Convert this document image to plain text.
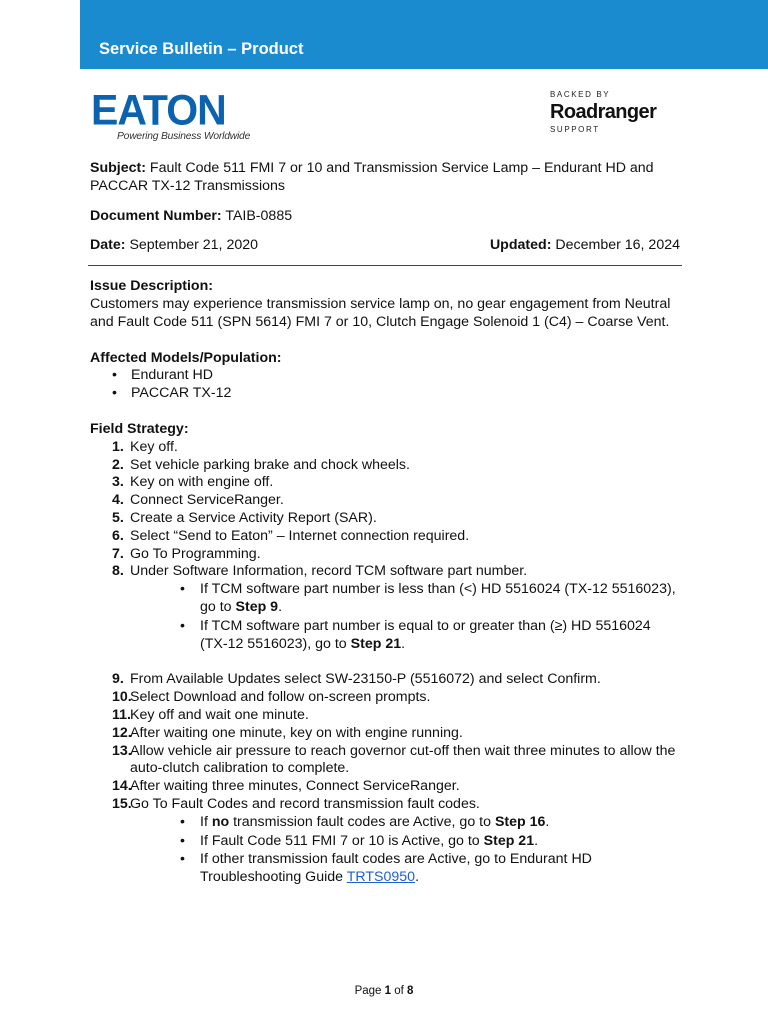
Service Bulletin – Product
EATON
Powering Business Worldwide
BACKED BY
Roadranger
SUPPORT

Subject: Fault Code 511 FMI 7 or 10 and Transmission Service Lamp – Endurant HD and PACCAR TX-12 Transmissions

Document Number: TAIB-0885

Date: September 21, 2020	Updated: December 16, 2024

Issue Description:

Customers may experience transmission service lamp on, no gear engagement from Neutral and Fault Code 511 (SPN 5614) FMI 7 or 10, Clutch Engage Solenoid 1 (C4) – Coarse Vent.

Affected Models/Population:

• Endurant HD
• PACCAR TX-12

Field Strategy:

1. Key off.
2. Set vehicle parking brake and chock wheels.
3. Key on with engine off.
4. Connect ServiceRanger.
5. Create a Service Activity Report (SAR).
6. Select “Send to Eaton” – Internet connection required.
7. Go To Programming.
8. Under Software Information, record TCM software part number.
• If TCM software part number is less than (<) HD 5516024 (TX-12 5516023), go to Step 9.
• If TCM software part number is equal to or greater than (≥) HD 5516024 (TX-12 5516023), go to Step 21.
9. From Available Updates select SW-23150-P (5516072) and select Confirm.
10.
Select Download and follow on-screen prompts.
11. Key off and wait one minute.
12.
After waiting one minute, key on with engine running.
13.
Allow vehicle air pressure to reach governor cut-off then wait three minutes to allow the auto-clutch calibration to complete.
14.
After waiting three minutes, Connect ServiceRanger.
15.
Go To Fault Codes and record transmission fault codes.
• If no transmission fault codes are Active, go to Step 16.
• If Fault Code 511 FMI 7 or 10 is Active, go to Step 21.
• If other transmission fault codes are Active, go to Endurant HD Troubleshooting Guide TRTS0950.
Page 1 of 8
